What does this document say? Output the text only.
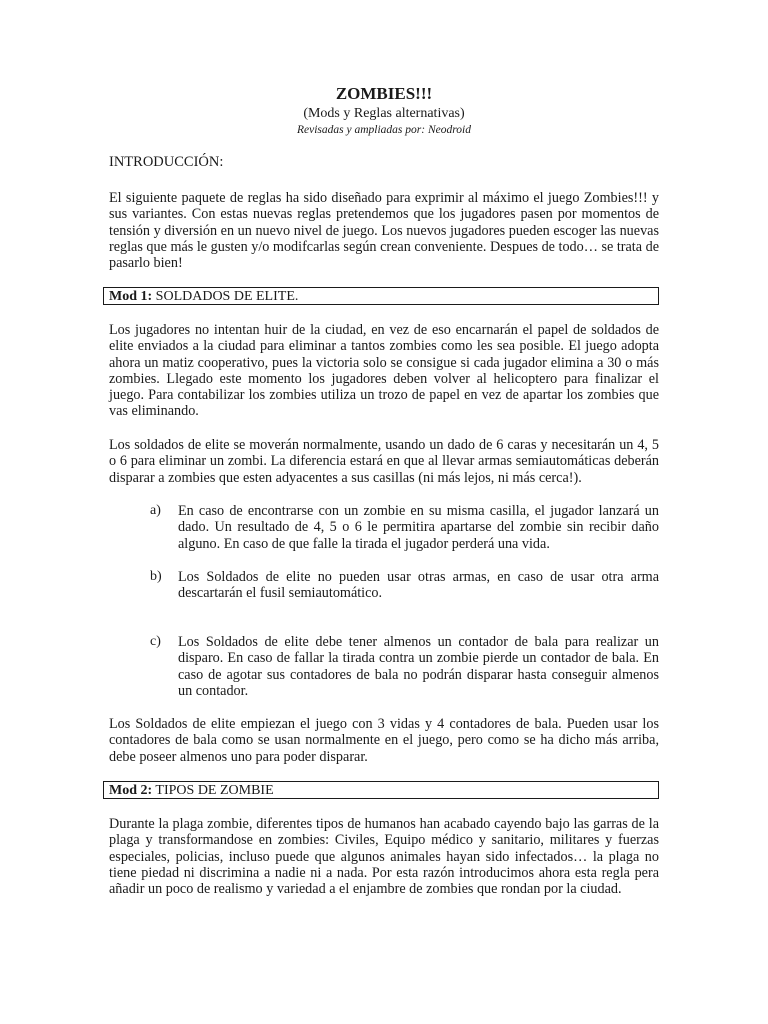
ZOMBIES!!!
(Mods y Reglas alternativas)
Revisadas y ampliadas por: Neodroid
INTRODUCCIÓN:

El siguiente paquete de reglas ha sido diseñado para exprimir al máximo el juego Zombies!!! y sus variantes. Con estas nuevas reglas pretendemos que los jugadores pasen por momentos de tensión y diversión en un nuevo nivel de juego. Los nuevos jugadores pueden escoger las nuevas reglas que más le gusten y/o modifcarlas según crean conveniente. Despues de todo… se trata de pasarlo bien!

Mod 1: SOLDADOS DE ELITE.

Los jugadores no intentan huir de la ciudad, en vez de eso encarnarán el papel de soldados de elite enviados a la ciudad para eliminar a tantos zombies como les sea posible. El juego adopta ahora un matiz cooperativo, pues la victoria solo se consigue si cada jugador elimina a 30 o más zombies. Llegado este momento los jugadores deben volver al helicoptero para finalizar el juego. Para contabilizar los zombies utiliza un trozo de papel en vez de apartar los zombies que vas eliminando.

Los soldados de elite se moverán normalmente, usando un dado de 6 caras y necesitarán un 4, 5 o 6 para eliminar un zombi. La diferencia estará en que al llevar armas semiautomáticas deberán disparar a zombies que esten adyacentes a sus casillas (ni más lejos, ni más cerca!).

a) En caso de encontrarse con un zombie en su misma casilla, el jugador lanzará un dado. Un resultado de 4, 5 o 6 le permitira apartarse del zombie sin recibir daño alguno. En caso de que falle la tirada el jugador perderá una vida.

b) Los Soldados de elite no pueden usar otras armas, en caso de usar otra arma descartarán el fusil semiautomático.

c) Los Soldados de elite debe tener almenos un contador de bala para realizar un disparo. En caso de fallar la tirada contra un zombie pierde un contador de bala. En caso de agotar sus contadores de bala no podrán disparar hasta conseguir almenos un contador.

Los Soldados de elite empiezan el juego con 3 vidas y 4 contadores de bala. Pueden usar los contadores de bala como se usan normalmente en el juego, pero como se ha dicho más arriba, debe poseer almenos uno para poder disparar.

Mod 2: TIPOS DE ZOMBIE

Durante la plaga zombie, diferentes tipos de humanos han acabado cayendo bajo las garras de la plaga y transformandose en zombies: Civiles, Equipo médico y sanitario, militares y fuerzas especiales, policias, incluso puede que algunos animales hayan sido infectados… la plaga no tiene piedad ni discrimina a nadie ni a nada. Por esta razón introducimos ahora esta regla pera añadir un poco de realismo y variedad a el enjambre de zombies que rondan por la ciudad.
